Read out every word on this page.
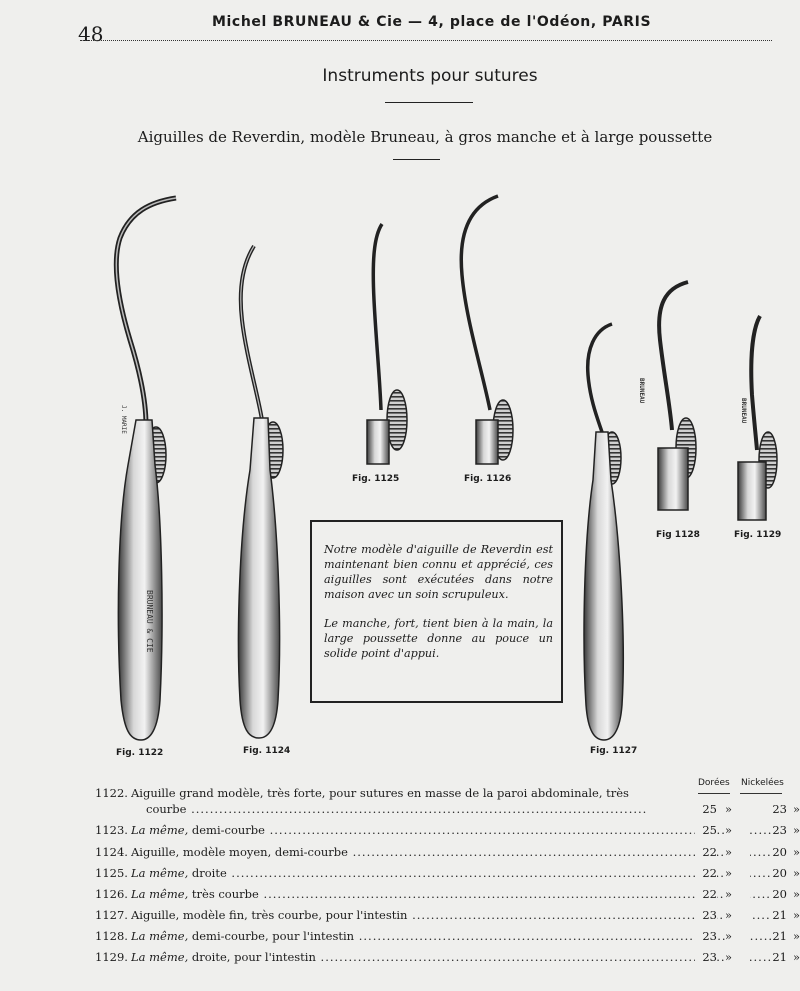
48	Michel BRUNEAU & Cie — 4, place de l'Odéon, PARIS
Instruments pour sutures
Aiguilles de Reverdin, modèle Bruneau, à gros manche et à large poussette
BRUNEAU & CIE
J. MARIE
BRUNEAU
BRUNEAU
Fig. 1122	Fig. 1124
Fig. 1125	Fig. 1126
Fig. 1127
Fig 1128	Fig. 1129

Notre modèle d'aiguille de Reverdin est maintenant bien connu et apprécié, ces aiguilles sont exécutées dans notre maison avec un soin scrupuleux.

Le manche, fort, tient bien à la main, la large poussette donne au pouce un solide point d'appui.

Dorées Nickelées
1122. Aiguille grand modèle, très forte, pour sutures en masse de la paroi abdominale, très
courbe .....	25 »	23 »
1123. La même, demi-courbe .....	25 »	23 »
1124. Aiguille, modèle moyen, demi-courbe .....	22 »	20 »
1125. La même, droite .....	22 »	20 »
1126. La même, très courbe .....	22 »	20 »
1127. Aiguille, modèle fin, très courbe, pour l'intestin .....	23 »	21 »
1128. La même, demi-courbe, pour l'intestin .....	23 »	21 »
1129. La même, droite, pour l'intestin .....	23 »	21 »
